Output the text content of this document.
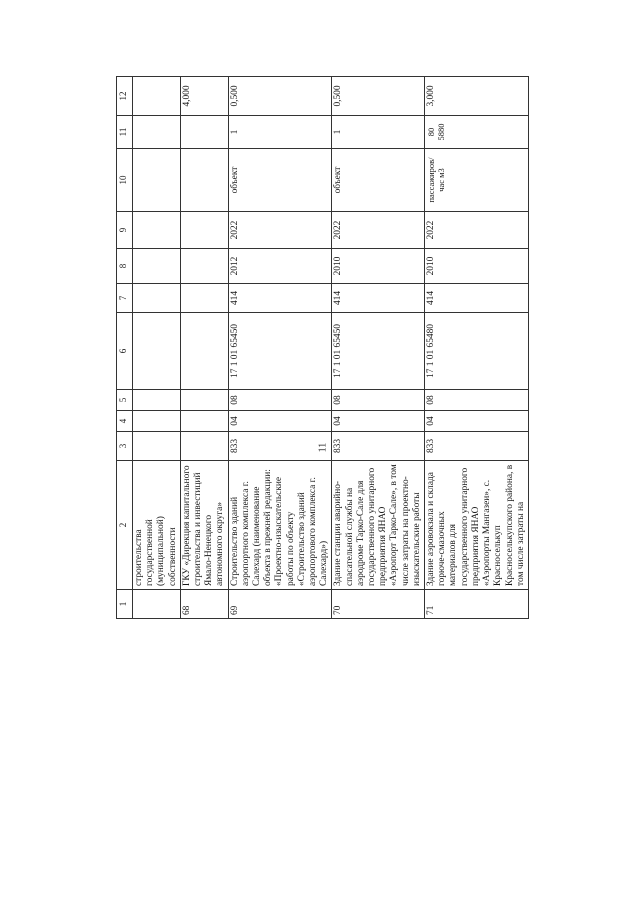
11
1	2	3	4	5	6	7	8	9	10	11	12
	строительства государственной (муниципальной) собственности										
68	ГКУ «Дирекция капитального строительства и инвестиций Ямало-Ненецкого автономного округа»										4,000
69	Строительство зданий аэропортного комплекса г. Салехард (наименование объекта в прежней редакции: «Проектно-изыскательские работы по объекту «Строительство зданий аэропортового комплекса г. Салехард»)	833	04	08	17 1 01 65450	414	2012	2022	объект	1	0,500
70	Здание станции аварийно-спасательной службы на аэродроме Тарко-Сале для государственного унитарного предприятия ЯНАО «Аэропорт Тарко-Сале», в том числе затраты на проектно-изыскательские работы	833	04	08	17 1 01 65450	414	2010	2022	объект	1	0,500
71	Здание аэровокзала и склада горюче-смазочных материалов для государственного унитарного предприятия ЯНАО «Аэропорты Мангазеи», с. Красноселькуп Красноселькупского района, в том числе затраты на	833	04	08	17 1 01 65480	414	2010	2022	пассажиров/ час м3	80 5880	3,000
